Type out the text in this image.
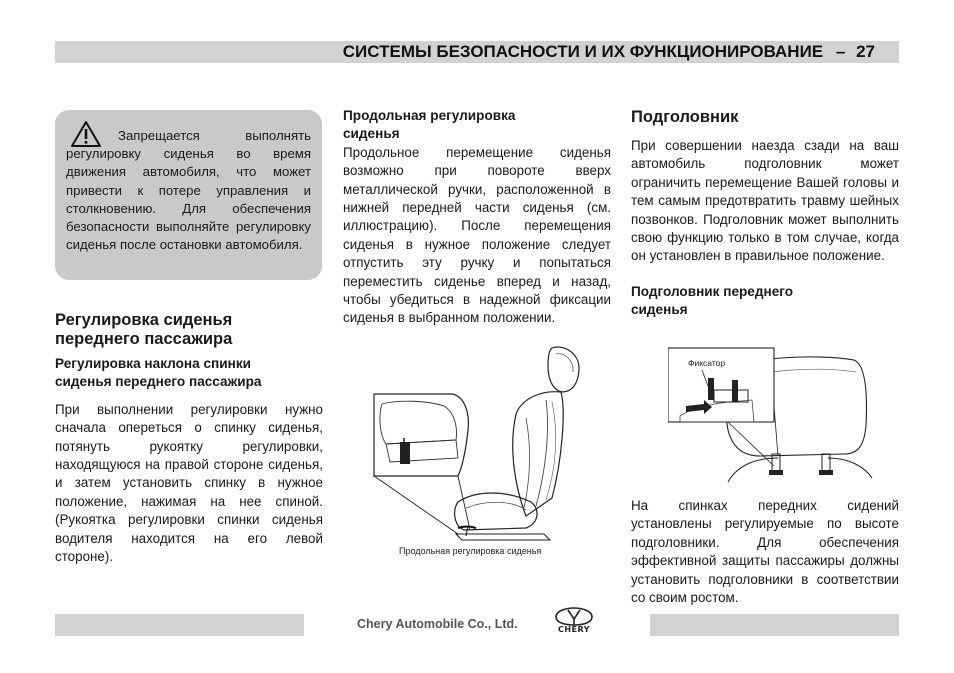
СИСТЕМЫ БЕЗОПАСНОСТИ И ИХ ФУНКЦИОНИРОВАНИЕ – 27

Запрещается выполнять регулировку сиденья во время движения автомобиля, что может привести к потере управления и столкновению. Для обеспечения безопасности выполняйте регулировку сиденья после остановки автомобиля.

Регулировка сиденья
переднего пассажира
Регулировка наклона спинки
сиденья переднего пассажира

При выполнении регулировки нужно сначала опереться о спинку сиденья, потянуть рукоятку регулировки, находящуюся на правой стороне сиденья, и затем установить спинку в нужное положение, нажимая на нее спиной. (Рукоятка регулировки спинки сиденья водителя находится на его левой стороне).

Продольная регулировка
сиденья

Продольное перемещение сиденья возможно при повороте вверх металлической ручки, расположенной в нижней передней части сиденья (см. иллюстрацию). После перемещения сиденья в нужное положение следует отпустить эту ручку и попытаться переместить сиденье вперед и назад, чтобы убедиться в надежной фиксации сиденья в выбранном положении.

Продольная регулировка сиденья
Подголовник

При совершении наезда сзади на ваш автомобиль подголовник может ограничить перемещение Вашей головы и тем самым предотвратить травму шейных позвонков. Подголовник может выполнить свою функцию только в том случае, когда он установлен в правильное положение.

Подголовник переднего
сиденья
Фиксатор

На спинках передних сидений установлены регулируемые по высоте подголовники. Для обеспечения эффективной защиты пассажиры должны установить подголовники в соответствии со своим ростом.

Chery Automobile Co., Ltd.	CHERY
